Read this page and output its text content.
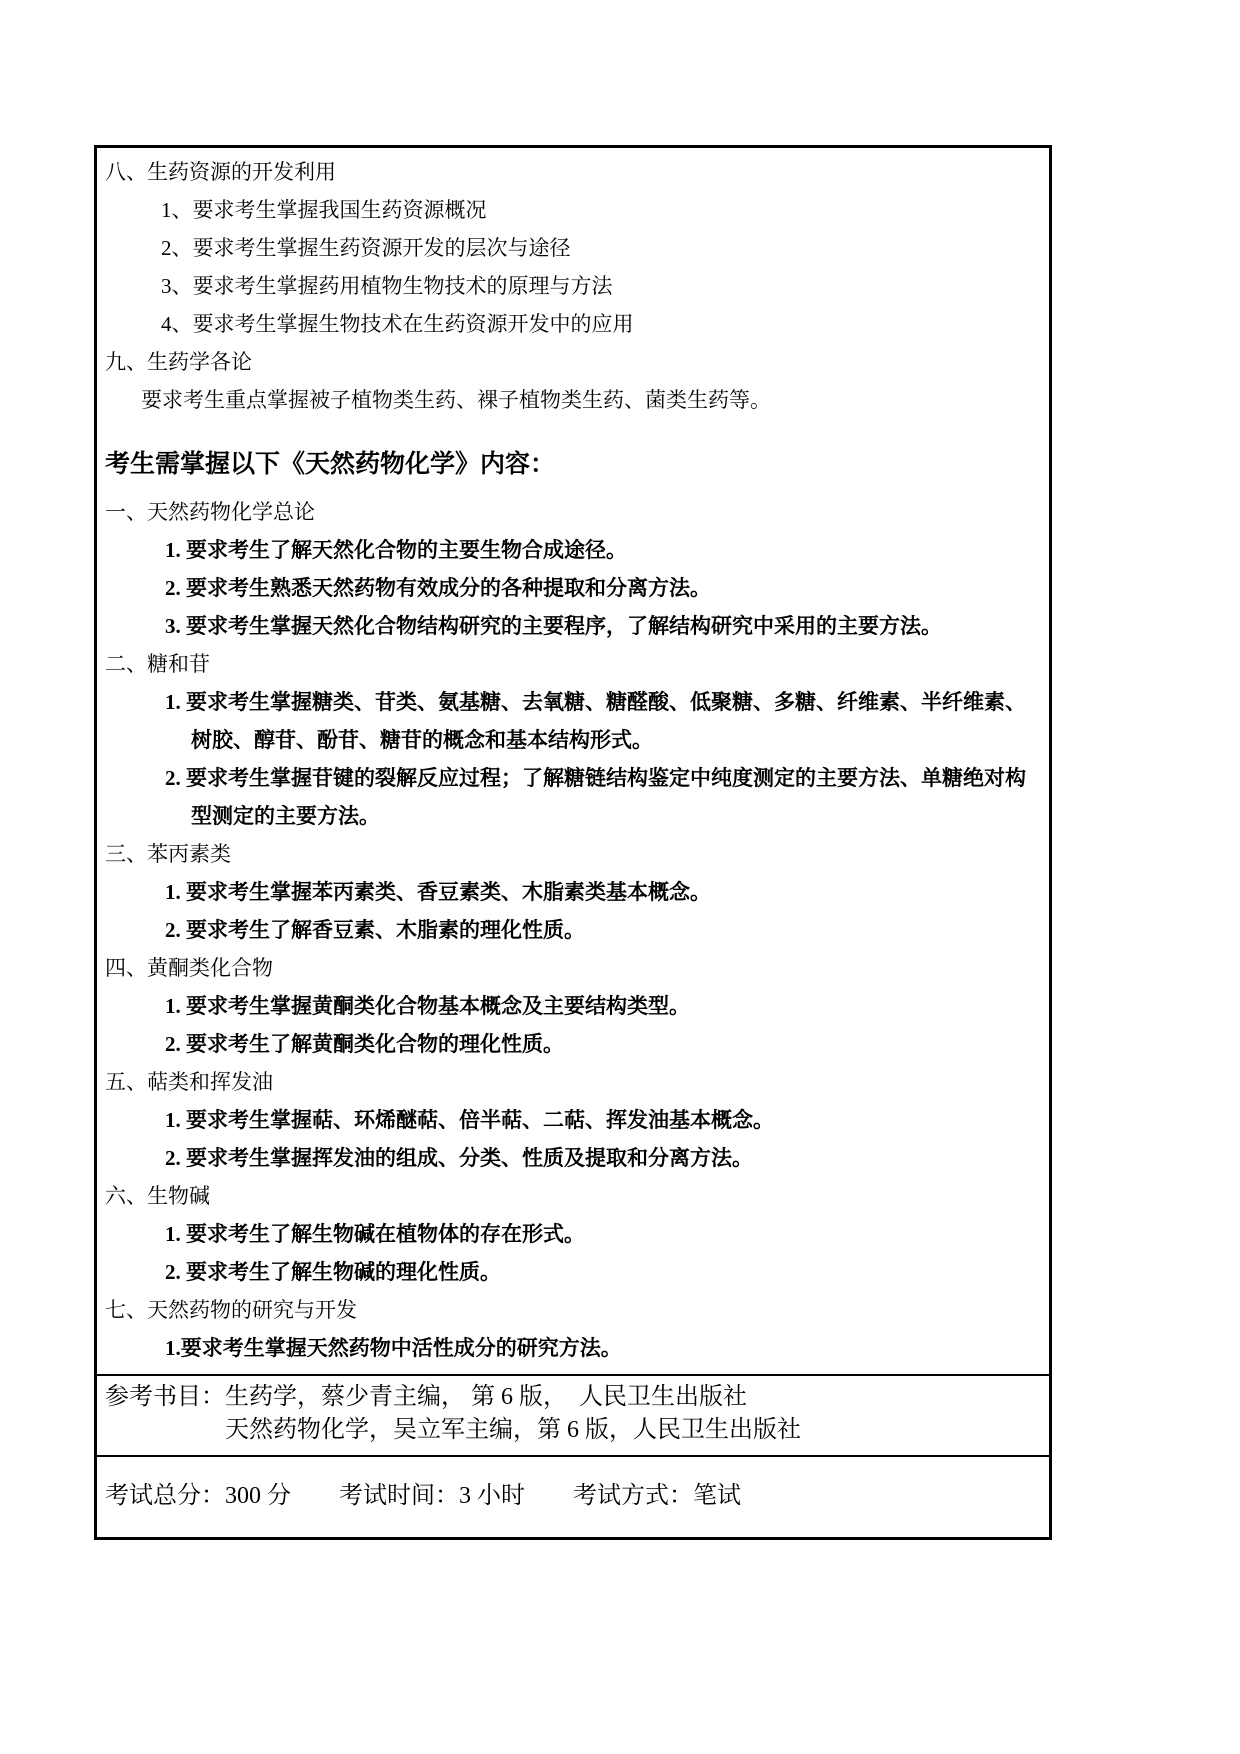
八、生药资源的开发利用
1、要求考生掌握我国生药资源概况
2、要求考生掌握生药资源开发的层次与途径
3、要求考生掌握药用植物生物技术的原理与方法
4、要求考生掌握生物技术在生药资源开发中的应用
九、生药学各论
要求考生重点掌握被子植物类生药、裸子植物类生药、菌类生药等。
考生需掌握以下《天然药物化学》内容：
一、天然药物化学总论
1. 要求考生了解天然化合物的主要生物合成途径。
2. 要求考生熟悉天然药物有效成分的各种提取和分离方法。
3. 要求考生掌握天然化合物结构研究的主要程序，了解结构研究中采用的主要方法。
二、糖和苷
1. 要求考生掌握糖类、苷类、氨基糖、去氧糖、糖醛酸、低聚糖、多糖、纤维素、半纤维素、树胶、醇苷、酚苷、糖苷的概念和基本结构形式。
2. 要求考生掌握苷键的裂解反应过程；了解糖链结构鉴定中纯度测定的主要方法、单糖绝对构型测定的主要方法。
三、苯丙素类
1. 要求考生掌握苯丙素类、香豆素类、木脂素类基本概念。
2. 要求考生了解香豆素、木脂素的理化性质。
四、黄酮类化合物
1. 要求考生掌握黄酮类化合物基本概念及主要结构类型。
2. 要求考生了解黄酮类化合物的理化性质。
五、萜类和挥发油
1. 要求考生掌握萜、环烯醚萜、倍半萜、二萜、挥发油基本概念。
2. 要求考生掌握挥发油的组成、分类、性质及提取和分离方法。
六、生物碱
1. 要求考生了解生物碱在植物体的存在形式。
2. 要求考生了解生物碱的理化性质。
七、天然药物的研究与开发
1.要求考生掌握天然药物中活性成分的研究方法。
参考书目： 生药学，蔡少青主编， 第 6 版，  人民卫生出版社
天然药物化学，吴立军主编，第 6 版，人民卫生出版社
考试总分：300 分 考试时间：3 小时 考试方式：笔试
